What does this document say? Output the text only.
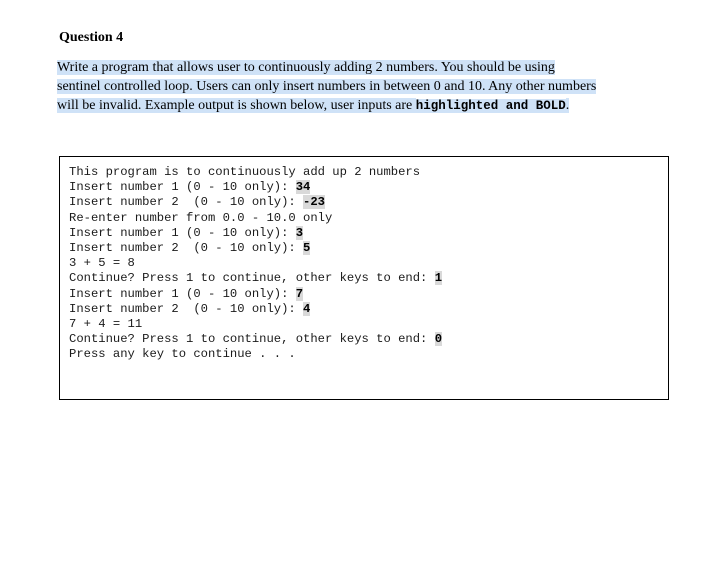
Question 4
Write a program that allows user to continuously adding 2 numbers. You should be using
sentinel controlled loop. Users can only insert numbers in between 0 and 10. Any other numbers
will be invalid. Example output is shown below, user inputs are highlighted and BOLD.
This program is to continuously add up 2 numbers
Insert number 1 (0 - 10 only): 34
Insert number 2  (0 - 10 only): -23
Re-enter number from 0.0 - 10.0 only
Insert number 1 (0 - 10 only): 3
Insert number 2  (0 - 10 only): 5
3 + 5 = 8
Continue? Press 1 to continue, other keys to end: 1
Insert number 1 (0 - 10 only): 7
Insert number 2  (0 - 10 only): 4
7 + 4 = 11
Continue? Press 1 to continue, other keys to end: 0
Press any key to continue . . .
